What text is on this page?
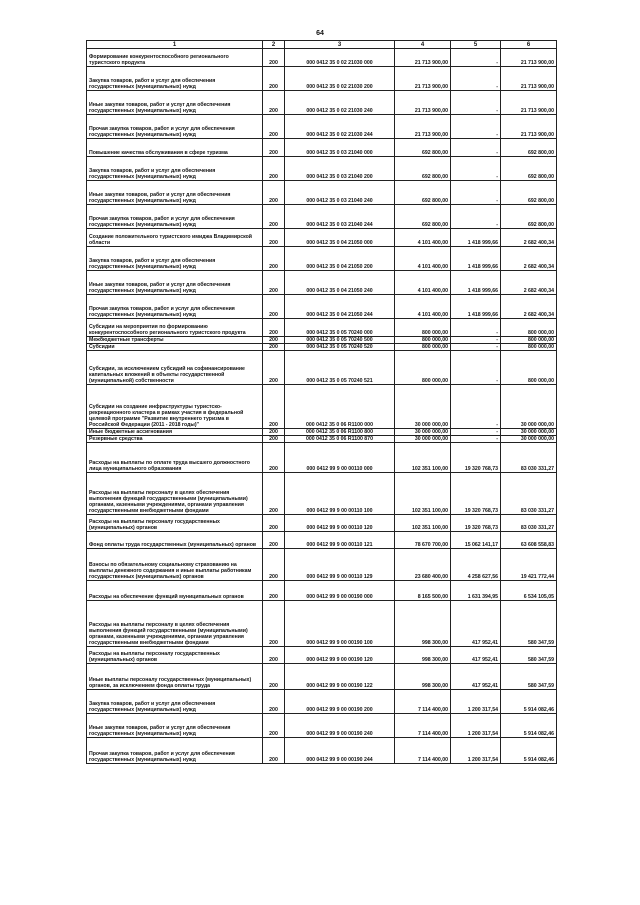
64
1	2	3	4	5	6
Формирование конкурентоспособного регионального туристского продукта	200	000 0412 35 0 02 21030 000	21 713 900,00	-	21 713 900,00
Закупка товаров, работ и услуг для обеспечения государственных (муниципальных) нужд	200	000 0412 35 0 02 21030 200	21 713 900,00	-	21 713 900,00
Иные закупки товаров, работ и услуг для обеспечения государственных (муниципальных) нужд	200	000 0412 35 0 02 21030 240	21 713 900,00	-	21 713 900,00
Прочая закупка товаров, работ и услуг для обеспечения государственных (муниципальных) нужд	200	000 0412 35 0 02 21030 244	21 713 900,00	-	21 713 900,00
Повышение качества обслуживания в сфере туризма	200	000 0412 35 0 03 21040 000	692 800,00	-	692 800,00
Закупка товаров, работ и услуг для обеспечения государственных (муниципальных) нужд	200	000 0412 35 0 03 21040 200	692 800,00	-	692 800,00
Иные закупки товаров, работ и услуг для обеспечения государственных (муниципальных) нужд	200	000 0412 35 0 03 21040 240	692 800,00	-	692 800,00
Прочая закупка товаров, работ и услуг для обеспечения государственных (муниципальных) нужд	200	000 0412 35 0 03 21040 244	692 800,00	-	692 800,00
Создание положительного туристского имиджа Владимирской области	200	000 0412 35 0 04 21050 000	4 101 400,00	1 418 999,66	2 682 400,34
Закупка товаров, работ и услуг для обеспечения государственных (муниципальных) нужд	200	000 0412 35 0 04 21050 200	4 101 400,00	1 418 999,66	2 682 400,34
Иные закупки товаров, работ и услуг для обеспечения государственных (муниципальных) нужд	200	000 0412 35 0 04 21050 240	4 101 400,00	1 418 999,66	2 682 400,34
Прочая закупка товаров, работ и услуг для обеспечения государственных (муниципальных) нужд	200	000 0412 35 0 04 21050 244	4 101 400,00	1 418 999,66	2 682 400,34
Субсидии на мероприятия по формированию конкурентоспособного регионального туристского продукта	200	000 0412 35 0 05 70240 000	800 000,00	-	800 000,00
Межбюджетные трансферты	200	000 0412 35 0 05 70240 500	800 000,00	-	800 000,00
Субсидии	200	000 0412 35 0 05 70240 520	800 000,00	-	800 000,00
Субсидии, за исключением субсидий на софинансирование капитальных вложений в объекты государственной (муниципальной) собственности	200	000 0412 35 0 05 70240 521	800 000,00	-	800 000,00
Субсидии на создание инфраструктуры туристско-рекреационного кластера в рамках участия в федеральной целевой программе "Развитие внутреннего туризма в Российской Федерации (2011 - 2018 годы)"	200	000 0412 35 0 06 R1100 000	30 000 000,00	-	30 000 000,00
Иные бюджетные ассигнования	200	000 0412 35 0 06 R1100 800	30 000 000,00	-	30 000 000,00
Резервные средства	200	000 0412 35 0 06 R1100 870	30 000 000,00	-	30 000 000,00
Расходы на выплаты по оплате труда высшего должностного лица муниципального образования	200	000 0412 99 9 00 00110 000	102 351 100,00	19 320 768,73	83 030 331,27
Расходы на выплаты персоналу в целях обеспечения выполнения функций государственными (муниципальными) органами, казенными учреждениями, органами управления государственными внебюджетными фондами	200	000 0412 99 9 00 00110 100	102 351 100,00	19 320 768,73	83 030 331,27
Расходы на выплаты персоналу государственных (муниципальных) органов	200	000 0412 99 9 00 00110 120	102 351 100,00	19 320 768,73	83 030 331,27
Фонд оплаты труда государственных (муниципальных) органов	200	000 0412 99 9 00 00110 121	78 670 700,00	15 062 141,17	63 608 558,83
Взносы по обязательному социальному страхованию на выплаты денежного содержания и иные выплаты работникам государственных (муниципальных) органов	200	000 0412 99 9 00 00110 129	23 680 400,00	4 258 627,56	19 421 772,44
Расходы на обеспечение функций муниципальных органов	200	000 0412 99 9 00 00190 000	8 165 500,00	1 631 394,95	6 534 105,05
Расходы на выплаты персоналу в целях обеспечения выполнения функций государственными (муниципальными) органами, казенными учреждениями, органами управления государственными внебюджетными фондами	200	000 0412 99 9 00 00190 100	998 300,00	417 952,41	580 347,59
Расходы на выплаты персоналу государственных (муниципальных) органов	200	000 0412 99 9 00 00190 120	998 300,00	417 952,41	580 347,59
Иные выплаты персоналу государственных (муниципальных) органов, за исключением фонда оплаты труда	200	000 0412 99 9 00 00190 122	998 300,00	417 952,41	580 347,59
Закупка товаров, работ и услуг для обеспечения государственных (муниципальных) нужд	200	000 0412 99 9 00 00190 200	7 114 400,00	1 200 317,54	5 914 082,46
Иные закупки товаров, работ и услуг для обеспечения государственных (муниципальных) нужд	200	000 0412 99 9 00 00190 240	7 114 400,00	1 200 317,54	5 914 082,46
Прочая закупка товаров, работ и услуг для обеспечения государственных (муниципальных) нужд	200	000 0412 99 9 00 00190 244	7 114 400,00	1 200 317,54	5 914 082,46
